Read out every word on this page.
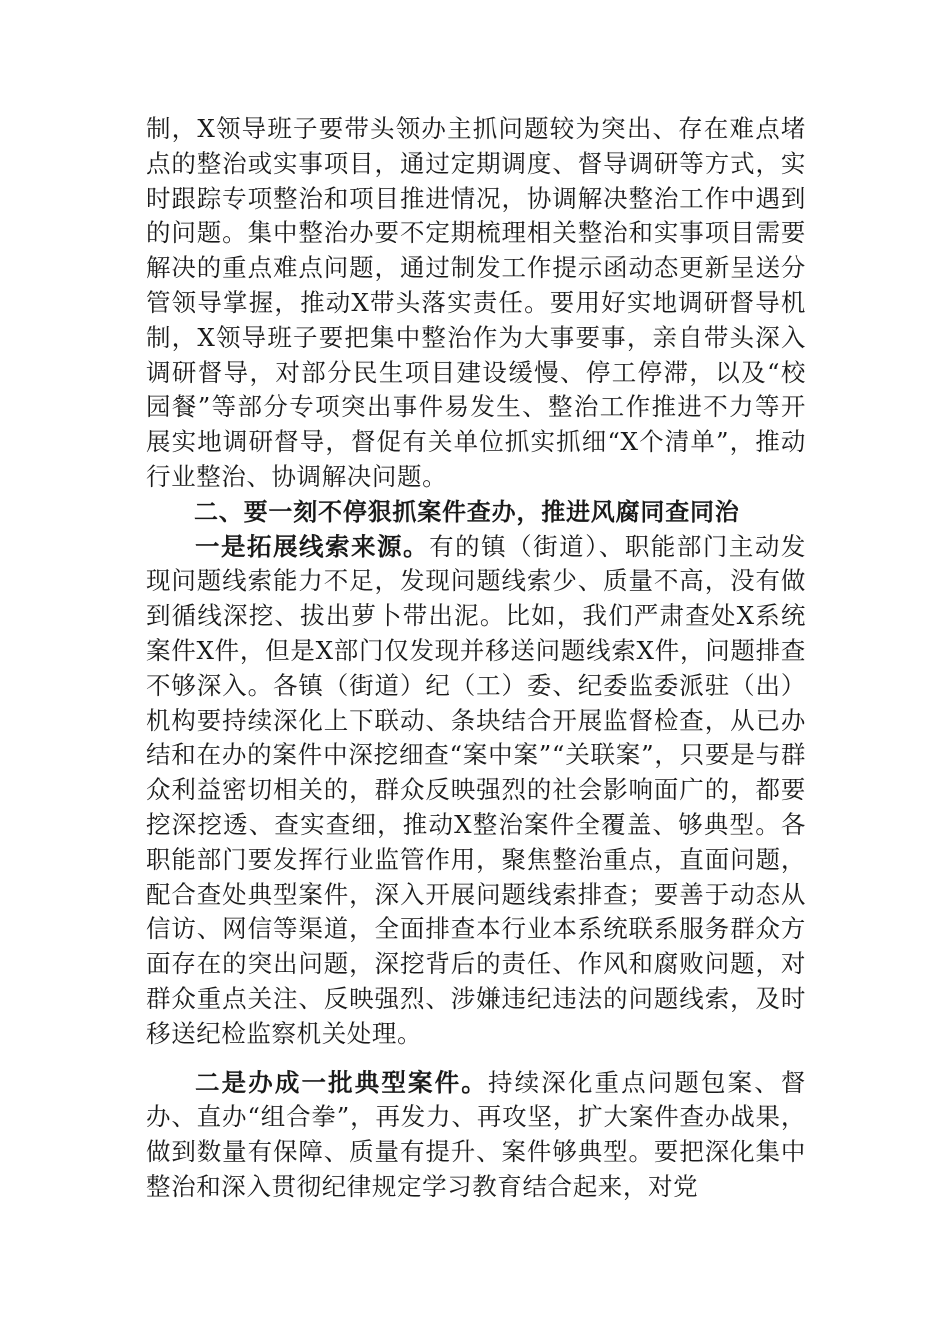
制，X领导班子要带头领办主抓问题较为突出、存在难点堵点的整治或实事项目，通过定期调度、督导调研等方式，实时跟踪专项整治和项目推进情况，协调解决整治工作中遇到的问题。集中整治办要不定期梳理相关整治和实事项目需要解决的重点难点问题，通过制发工作提示函动态更新呈送分管领导掌握，推动X带头落实责任。要用好实地调研督导机制，X领导班子要把集中整治作为大事要事，亲自带头深入调研督导，对部分民生项目建设缓慢、停工停滞，以及“校园餐”等部分专项突出事件易发生、整治工作推进不力等开展实地调研督导，督促有关单位抓实抓细“X个清单”，推动行业整治、协调解决问题。

二、要一刻不停狠抓案件查办，推进风腐同查同治

一是拓展线索来源。有的镇（街道）、职能部门主动发现问题线索能力不足，发现问题线索少、质量不高，没有做到循线深挖、拔出萝卜带出泥。比如，我们严肃查处X系统案件X件，但是X部门仅发现并移送问题线索X件，问题排查不够深入。各镇（街道）纪（工）委、纪委监委派驻（出）机构要持续深化上下联动、条块结合开展监督检查，从已办结和在办的案件中深挖细查“案中案”“关联案”，只要是与群众利益密切相关的，群众反映强烈的社会影响面广的，都要挖深挖透、查实查细，推动X整治案件全覆盖、够典型。各职能部门要发挥行业监管作用，聚焦整治重点，直面问题，配合查处典型案件，深入开展问题线索排查；要善于动态从信访、网信等渠道，全面排查本行业本系统联系服务群众方面存在的突出问题，深挖背后的责任、作风和腐败问题，对群众重点关注、反映强烈、涉嫌违纪违法的问题线索，及时移送纪检监察机关处理。

二是办成一批典型案件。持续深化重点问题包案、督办、直办“组合拳”，再发力、再攻坚，扩大案件查办战果，做到数量有保障、质量有提升、案件够典型。要把深化集中整治和深入贯彻纪律规定学习教育结合起来，对党
